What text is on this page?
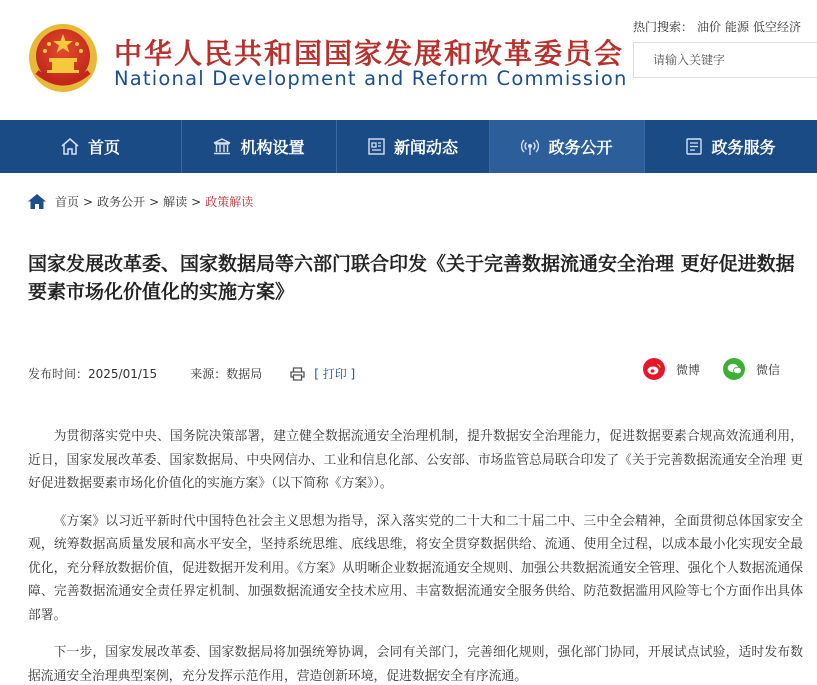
中华人民共和国国家发展和改革委员会
National Development and Reform Commission
热门搜索： 油价 能源 低空经济
请输入关键字
首页	机构设置	新闻动态	政务公开	政务服务
首页 > 政务公开 > 解读 > 政策解读
国家发展改革委、国家数据局等六部门联合印发《关于完善数据流通安全治理 更好促进数据要素市场化价值化的实施方案》
发布时间： 2025/01/15	来源： 数据局	[ 打印 ]	微博	微信

为贯彻落实党中央、国务院决策部署，建立健全数据流通安全治理机制，提升数据安全治理能力，促进数据要素合规高效流通利用，近日，国家发展改革委、国家数据局、中央网信办、工业和信息化部、公安部、市场监管总局联合印发了《关于完善数据流通安全治理 更好促进数据要素市场化价值化的实施方案》（以下简称《方案》）。

《方案》以习近平新时代中国特色社会主义思想为指导，深入落实党的二十大和二十届二中、三中全会精神，全面贯彻总体国家安全观，统筹数据高质量发展和高水平安全，坚持系统思维、底线思维，将安全贯穿数据供给、流通、使用全过程，以成本最小化实现安全最优化，充分释放数据价值，促进数据开发利用。《方案》从明晰企业数据流通安全规则、加强公共数据流通安全管理、强化个人数据流通保障、完善数据流通安全责任界定机制、加强数据流通安全技术应用、丰富数据流通安全服务供给、防范数据滥用风险等七个方面作出具体部署。

下一步，国家发展改革委、国家数据局将加强统筹协调，会同有关部门，完善细化规则，强化部门协同，开展试点试验，适时发布数据流通安全治理典型案例，充分发挥示范作用，营造创新环境，促进数据安全有序流通。
